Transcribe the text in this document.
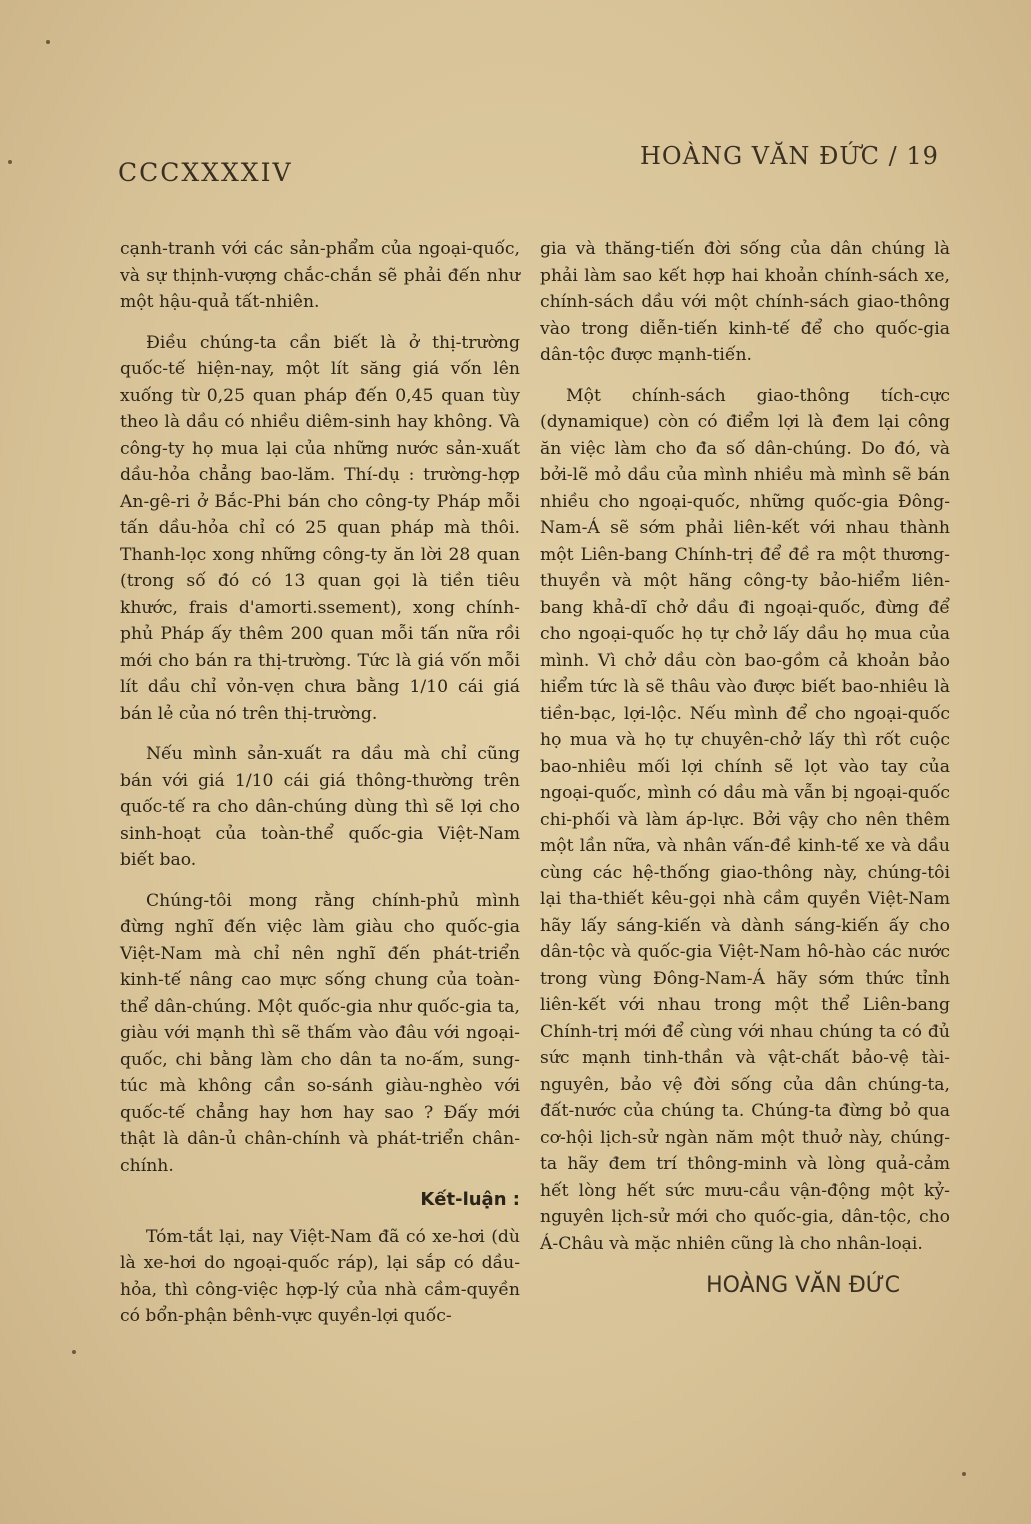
CCCXXXXIV
HOÀNG VĂN ĐỨC / 19

cạnh-tranh với các sản-phẩm của ngoại-quốc, và sự thịnh-vượng chắc-chắn sẽ phải đến như một hậu-quả tất-nhiên.

Điều chúng-ta cần biết là ở thị-trường quốc-tế hiện-nay, một lít săng giá vốn lên xuống từ 0,25 quan pháp đến 0,45 quan tùy theo là dầu có nhiều diêm-sinh hay không. Và công-ty họ mua lại của những nước sản-xuất dầu-hỏa chẳng bao-lăm. Thí-dụ : trường-hợp An-gê-ri ở Bắc-Phi bán cho công-ty Pháp mỗi tấn dầu-hỏa chỉ có 25 quan pháp mà thôi. Thanh-lọc xong những công-ty ăn lời 28 quan (trong số đó có 13 quan gọi là tiền tiêu khước, frais d'amorti.ssement), xong chính-phủ Pháp ấy thêm 200 quan mỗi tấn nữa rồi mới cho bán ra thị-trường. Tức là giá vốn mỗi lít dầu chỉ vỏn-vẹn chưa bằng 1/10 cái giá bán lẻ của nó trên thị-trường.

Nếu mình sản-xuất ra dầu mà chỉ cũng bán với giá 1/10 cái giá thông-thường trên quốc-tế ra cho dân-chúng dùng thì sẽ lợi cho sinh-hoạt của toàn-thể quốc-gia Việt-Nam biết bao.

Chúng-tôi mong rằng chính-phủ mình đừng nghĩ đến việc làm giàu cho quốc-gia Việt-Nam mà chỉ nên nghĩ đến phát-triển kinh-tế nâng cao mực sống chung của toàn-thể dân-chúng. Một quốc-gia như quốc-gia ta, giàu với mạnh thì sẽ thấm vào đâu với ngoại-quốc, chi bằng làm cho dân ta no-ấm, sung-túc mà không cần so-sánh giàu-nghèo với quốc-tế chẳng hay hơn hay sao ? Đấy mới thật là dân-ủ chân-chính và phát-triển chân-chính.

Kết-luận :

Tóm-tắt lại, nay Việt-Nam đã có xe-hơi (dù là xe-hơi do ngoại-quốc ráp), lại sắp có dầu-hỏa, thì công-việc hợp-lý của nhà cầm-quyền có bổn-phận bênh-vực quyền-lợi quốc-

gia và thăng-tiến đời sống của dân chúng là phải làm sao kết hợp hai khoản chính-sách xe, chính-sách dầu với một chính-sách giao-thông vào trong diễn-tiến kinh-tế để cho quốc-gia dân-tộc được mạnh-tiến.

Một chính-sách giao-thông tích-cực (dynamique) còn có điểm lợi là đem lại công ăn việc làm cho đa số dân-chúng. Do đó, và bởi-lẽ mỏ dầu của mình nhiều mà mình sẽ bán nhiều cho ngoại-quốc, những quốc-gia Đông-Nam-Á sẽ sớm phải liên-kết với nhau thành một Liên-bang Chính-trị để đề ra một thương-thuyền và một hãng công-ty bảo-hiểm liên-bang khả-dĩ chở dầu đi ngoại-quốc, đừng để cho ngoại-quốc họ tự chở lấy dầu họ mua của mình. Vì chở dầu còn bao-gồm cả khoản bảo hiểm tức là sẽ thâu vào được biết bao-nhiêu là tiền-bạc, lợi-lộc. Nếu mình để cho ngoại-quốc họ mua và họ tự chuyên-chở lấy thì rốt cuộc bao-nhiêu mối lợi chính sẽ lọt vào tay của ngoại-quốc, mình có dầu mà vẫn bị ngoại-quốc chi-phối và làm áp-lực. Bởi vậy cho nên thêm một lần nữa, và nhân vấn-đề kinh-tế xe và dầu cùng các hệ-thống giao-thông này, chúng-tôi lại tha-thiết kêu-gọi nhà cầm quyền Việt-Nam hãy lấy sáng-kiến và dành sáng-kiến ấy cho dân-tộc và quốc-gia Việt-Nam hô-hào các nước trong vùng Đông-Nam-Á hãy sớm thức tỉnh liên-kết với nhau trong một thể Liên-bang Chính-trị mới để cùng với nhau chúng ta có đủ sức mạnh tinh-thần và vật-chất bảo-vệ tài-nguyên, bảo vệ đời sống của dân chúng-ta, đất-nước của chúng ta. Chúng-ta đừng bỏ qua cơ-hội lịch-sử ngàn năm một thuở này, chúng-ta hãy đem trí thông-minh và lòng quả-cảm hết lòng hết sức mưu-cầu vận-động một kỷ-nguyên lịch-sử mới cho quốc-gia, dân-tộc, cho Á-Châu và mặc nhiên cũng là cho nhân-loại.

HOÀNG VĂN ĐỨC
